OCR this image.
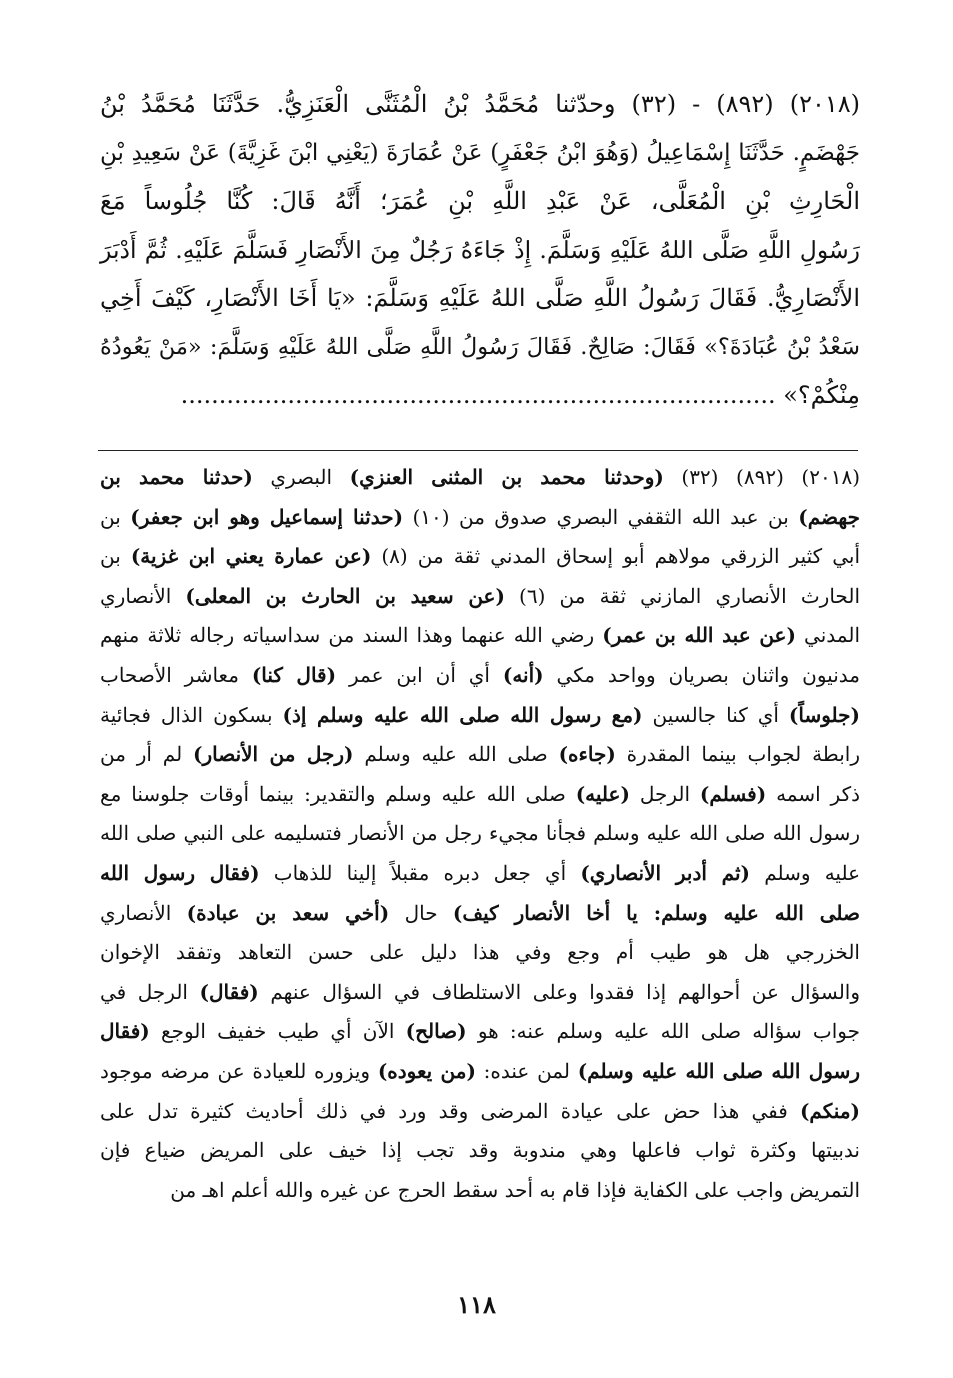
(٢٠١٨) (٨٩٢) - (٣٢) وحدّثنا مُحَمَّدُ بْنُ الْمُثَنَّى الْعَنَزِيُّ. حَدَّثَنَا مُحَمَّدُ بْنُ
جَهْضَمٍ. حَدَّثَنَا إِسْمَاعِيلُ (وَهُوَ ابْنُ جَعْفَرٍ) عَنْ عُمَارَةَ (يَعْنِي ابْنَ غَزِيَّةَ) عَنْ سَعِيدِ بْنِ
الْحَارِثِ بْنِ الْمُعَلَّى، عَنْ عَبْدِ اللَّهِ بْنِ عُمَرَ؛ أَنَّهُ قَالَ: كُنَّا جُلُوساً مَعَ
رَسُولِ اللَّهِ صَلَّى اللهُ عَلَيْهِ وَسَلَّمَ. إِذْ جَاءَهُ رَجُلٌ مِنَ الأَنْصَارِ فَسَلَّمَ عَلَيْهِ. ثُمَّ أَدْبَرَ
الأَنْصَارِيُّ. فَقَالَ رَسُولُ اللَّهِ صَلَّى اللهُ عَلَيْهِ وَسَلَّمَ: «يَا أَخَا الأَنْصَارِ، كَيْفَ أَخِي
سَعْدُ بْنُ عُبَادَةَ؟» فَقَالَ: صَالِحٌ. فَقَالَ رَسُولُ اللَّهِ صَلَّى اللهُ عَلَيْهِ وَسَلَّمَ: «مَنْ يَعُودُهُ
مِنْكُمْ؟» ..............................................................................
(٢٠١٨) (٨٩٢) (٣٢) (وحدثنا محمد بن المثنى العنزي) البصري (حدثنا محمد بن
جهضم) بن عبد الله الثقفي البصري صدوق من (١٠) (حدثنا إسماعيل وهو ابن جعفر) بن
أبي كثير الزرقي مولاهم أبو إسحاق المدني ثقة من (٨) (عن عمارة يعني ابن غزية) بن
الحارث الأنصاري المازني ثقة من (٦) (عن سعيد بن الحارث بن المعلى) الأنصاري
المدني (عن عبد الله بن عمر) رضي الله عنهما وهذا السند من سداسياته رجاله ثلاثة منهم
مدنيون واثنان بصريان وواحد مكي (أنه) أي أن ابن عمر (قال كنا) معاشر الأصحاب
(جلوساً) أي كنا جالسين (مع رسول الله صلى الله عليه وسلم إذ) بسكون الذال فجائية
رابطة لجواب بينما المقدرة (جاءه) صلى الله عليه وسلم (رجل من الأنصار) لم أر من
ذكر اسمه (فسلم) الرجل (عليه) صلى الله عليه وسلم والتقدير: بينما أوقات جلوسنا مع
رسول الله صلى الله عليه وسلم فجأنا مجيء رجل من الأنصار فتسليمه على النبي صلى الله
عليه وسلم (ثم أدبر الأنصاري) أي جعل دبره مقبلاً إلينا للذهاب (فقال رسول الله
صلى الله عليه وسلم: يا أخا الأنصار كيف) حال (أخي سعد بن عبادة) الأنصاري
الخزرجي هل هو طيب أم وجع وفي هذا دليل على حسن التعاهد وتفقد الإخوان
والسؤال عن أحوالهم إذا فقدوا وعلى الاستلطاف في السؤال عنهم (فقال) الرجل في
جواب سؤاله صلى الله عليه وسلم عنه: هو (صالح) الآن أي طيب خفيف الوجع (فقال
رسول الله صلى الله عليه وسلم) لمن عنده: (من يعوده) ويزوره للعيادة عن مرضه موجود
(منكم) ففي هذا حض على عيادة المرضى وقد ورد في ذلك أحاديث كثيرة تدل على
ندبيتها وكثرة ثواب فاعلها وهي مندوبة وقد تجب إذا خيف على المريض ضياع فإن
التمريض واجب على الكفاية فإذا قام به أحد سقط الحرج عن غيره والله أعلم اهـ من
١١٨
